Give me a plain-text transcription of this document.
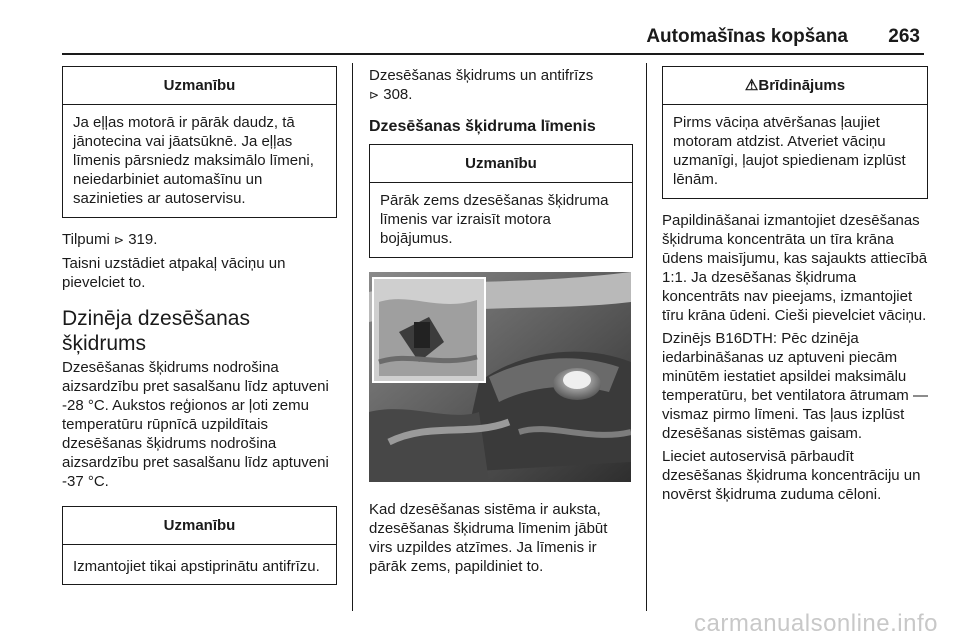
Automašīnas kopšana 263
Uzmanību
Ja eļļas motorā ir pārāk daudz, tā jānotecina vai jāatsūknē. Ja eļļas līmenis pārsniedz maksimālo līmeni, neiedarbiniet automašīnu un sazinieties ar autoservisu.

Tilpumi ⊳ 319.

Taisni uzstādiet atpakaļ vāciņu un pievelciet to.

Dzinēja dzesēšanas šķidrums

Dzesēšanas šķidrums nodrošina aizsardzību pret sasalšanu līdz aptuveni -28 °C. Aukstos reģionos ar ļoti zemu temperatūru rūpnīcā uzpildītais dzesēšanas šķidrums nodrošina aizsardzību pret sasalšanu līdz aptuveni -37 °C.

Uzmanību
Izmantojiet tikai apstiprinātu antifrīzu.

Dzesēšanas šķidrums un antifrīzs
⊳ 308.

Dzesēšanas šķidruma līmenis
Uzmanību
Pārāk zems dzesēšanas šķidruma līmenis var izraisīt motora bojājumus.

Kad dzesēšanas sistēma ir auksta, dzesēšanas šķidruma līmenim jābūt virs uzpildes atzīmes. Ja līmenis ir pārāk zems, papildiniet to.

⚠Brīdinājums
Pirms vāciņa atvēršanas ļaujiet motoram atdzist. Atveriet vāciņu uzmanīgi, ļaujot spiedienam izplūst lēnām.

Papildināšanai izmantojiet dzesēšanas šķidruma koncentrāta un tīra krāna ūdens maisījumu, kas sajaukts attiecībā 1:1. Ja dzesēšanas šķidruma koncentrāts nav pieejams, izmantojiet tīru krāna ūdeni. Cieši pievelciet vāciņu.

Dzinējs B16DTH: Pēc dzinēja iedarbināšanas uz aptuveni piecām minūtēm iestatiet apsildei maksimālu temperatūru, bet ventilatora ātrumam — vismaz pirmo līmeni. Tas ļaus izplūst dzesēšanas sistēmas gaisam.

Lieciet autoservisā pārbaudīt dzesēšanas šķidruma koncentrāciju un novērst šķidruma zuduma cēloni.

carmanualsonline.info
